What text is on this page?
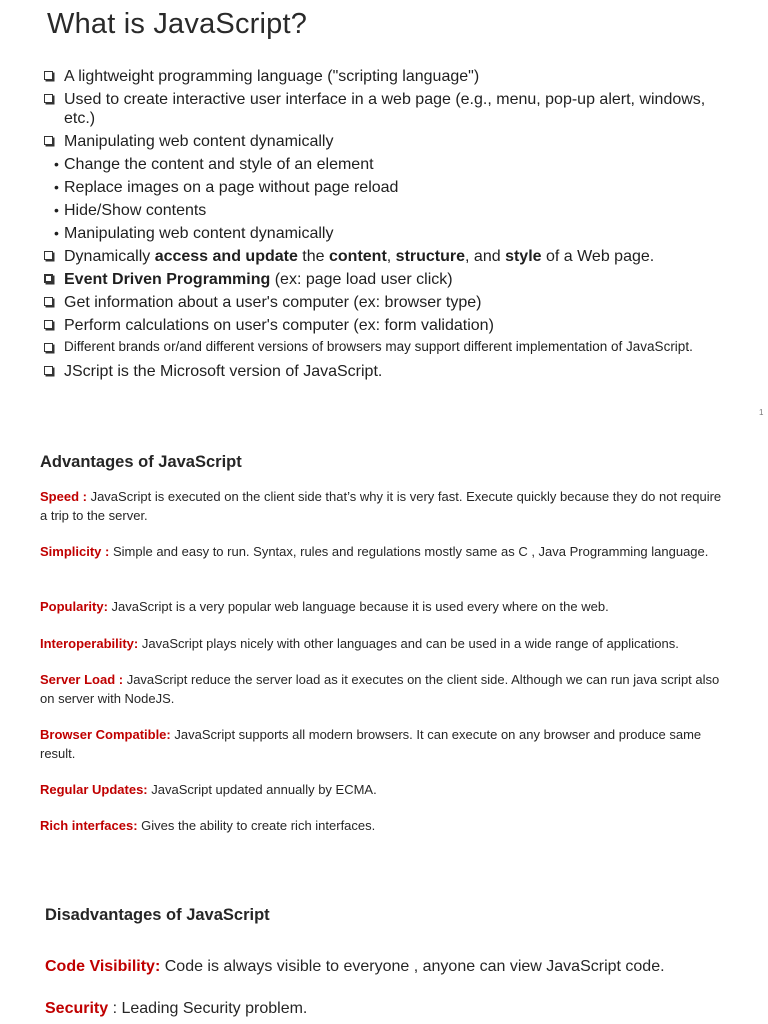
What is JavaScript?
A lightweight programming language ("scripting language")
Used to create interactive user interface in a web page (e.g., menu, pop-up alert, windows, etc.)
Manipulating web content dynamically
• Change the content and style of an element
• Replace images on a page without page reload
• Hide/Show contents
• Manipulating web content dynamically
Dynamically access and update the content, structure, and style of a Web page.
Event Driven Programming (ex: page load user click)
Get information about a user's computer (ex: browser type)
Perform calculations on user's computer (ex: form validation)
Different brands or/and different versions of browsers may support different implementation of JavaScript.
JScript is the Microsoft version of JavaScript.
1
Advantages of JavaScript

Speed : JavaScript is executed on the client side that’s why it is very fast. Execute quickly because they do not require a trip to the server.

Simplicity : Simple and easy to run. Syntax, rules and regulations mostly same as C , Java Programming language.

Popularity: JavaScript is a very popular web language because it is used every where on the web.

Interoperability: JavaScript plays nicely with other languages and can be used in a wide range of applications.

Server Load : JavaScript reduce the server load as it executes on the client side. Although we can run java script also on server with NodeJS.

Browser Compatible: JavaScript supports all modern browsers. It can execute on any browser and produce same result.

Regular Updates: JavaScript updated annually by ECMA.

Rich interfaces: Gives the ability to create rich interfaces.

Disadvantages of JavaScript

Code Visibility: Code is always visible to everyone , anyone can view JavaScript code.

Security : Leading Security problem.
